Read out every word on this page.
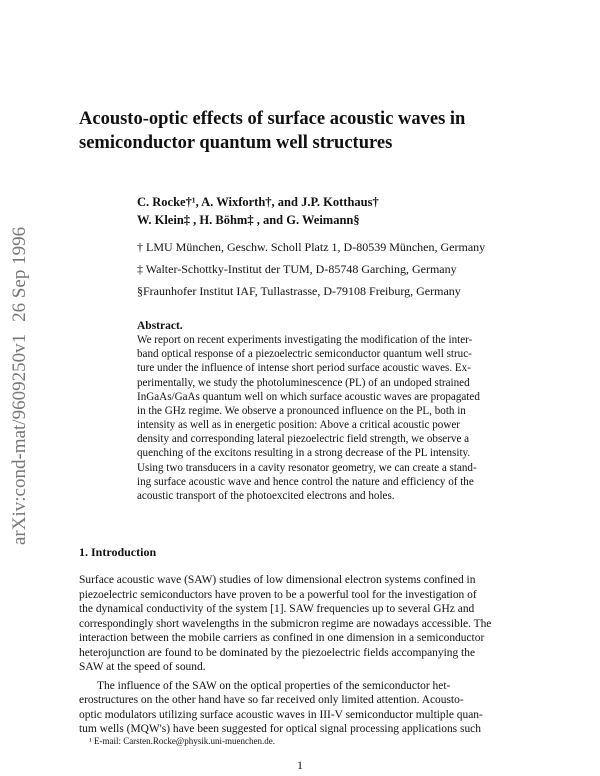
arXiv:cond-mat/9609250v126 Sep 1996
Acousto-optic effects of surface acoustic waves in
semiconductor quantum well structures
C. Rocke†¹, A. Wixforth†, and J.P. Kotthaus†
W. Klein‡ , H. Böhm‡ , and G. Weimann§
† LMU München, Geschw. Scholl Platz 1, D-80539 München, Germany
‡ Walter-Schottky-Institut der TUM, D-85748 Garching, Germany
§Fraunhofer Institut IAF, Tullastrasse, D-79108 Freiburg, Germany
Abstract.
We report on recent experiments investigating the modification of the inter-
band optical response of a piezoelectric semiconductor quantum well struc-
ture under the influence of intense short period surface acoustic waves. Ex-
perimentally, we study the photoluminescence (PL) of an undoped strained
InGaAs/GaAs quantum well on which surface acoustic waves are propagated
in the GHz regime. We observe a pronounced influence on the PL, both in
intensity as well as in energetic position: Above a critical acoustic power
density and corresponding lateral piezoelectric field strength, we observe a
quenching of the excitons resulting in a strong decrease of the PL intensity.
Using two transducers in a cavity resonator geometry, we can create a stand-
ing surface acoustic wave and hence control the nature and efficiency of the
acoustic transport of the photoexcited electrons and holes.
1. Introduction
Surface acoustic wave (SAW) studies of low dimensional electron systems confined in
piezoelectric semiconductors have proven to be a powerful tool for the investigation of
the dynamical conductivity of the system [1]. SAW frequencies up to several GHz and
correspondingly short wavelengths in the submicron regime are nowadays accessible. The
interaction between the mobile carriers as confined in one dimension in a semiconductor
heterojunction are found to be dominated by the piezoelectric fields accompanying the
SAW at the speed of sound.
The influence of the SAW on the optical properties of the semiconductor het-
erostructures on the other hand have so far received only limited attention. Acousto-
optic modulators utilizing surface acoustic waves in III-V semiconductor multiple quan-
tum wells (MQW's) have been suggested for optical signal processing applications such
¹ E-mail: Carsten.Rocke@physik.uni-muenchen.de.
1
